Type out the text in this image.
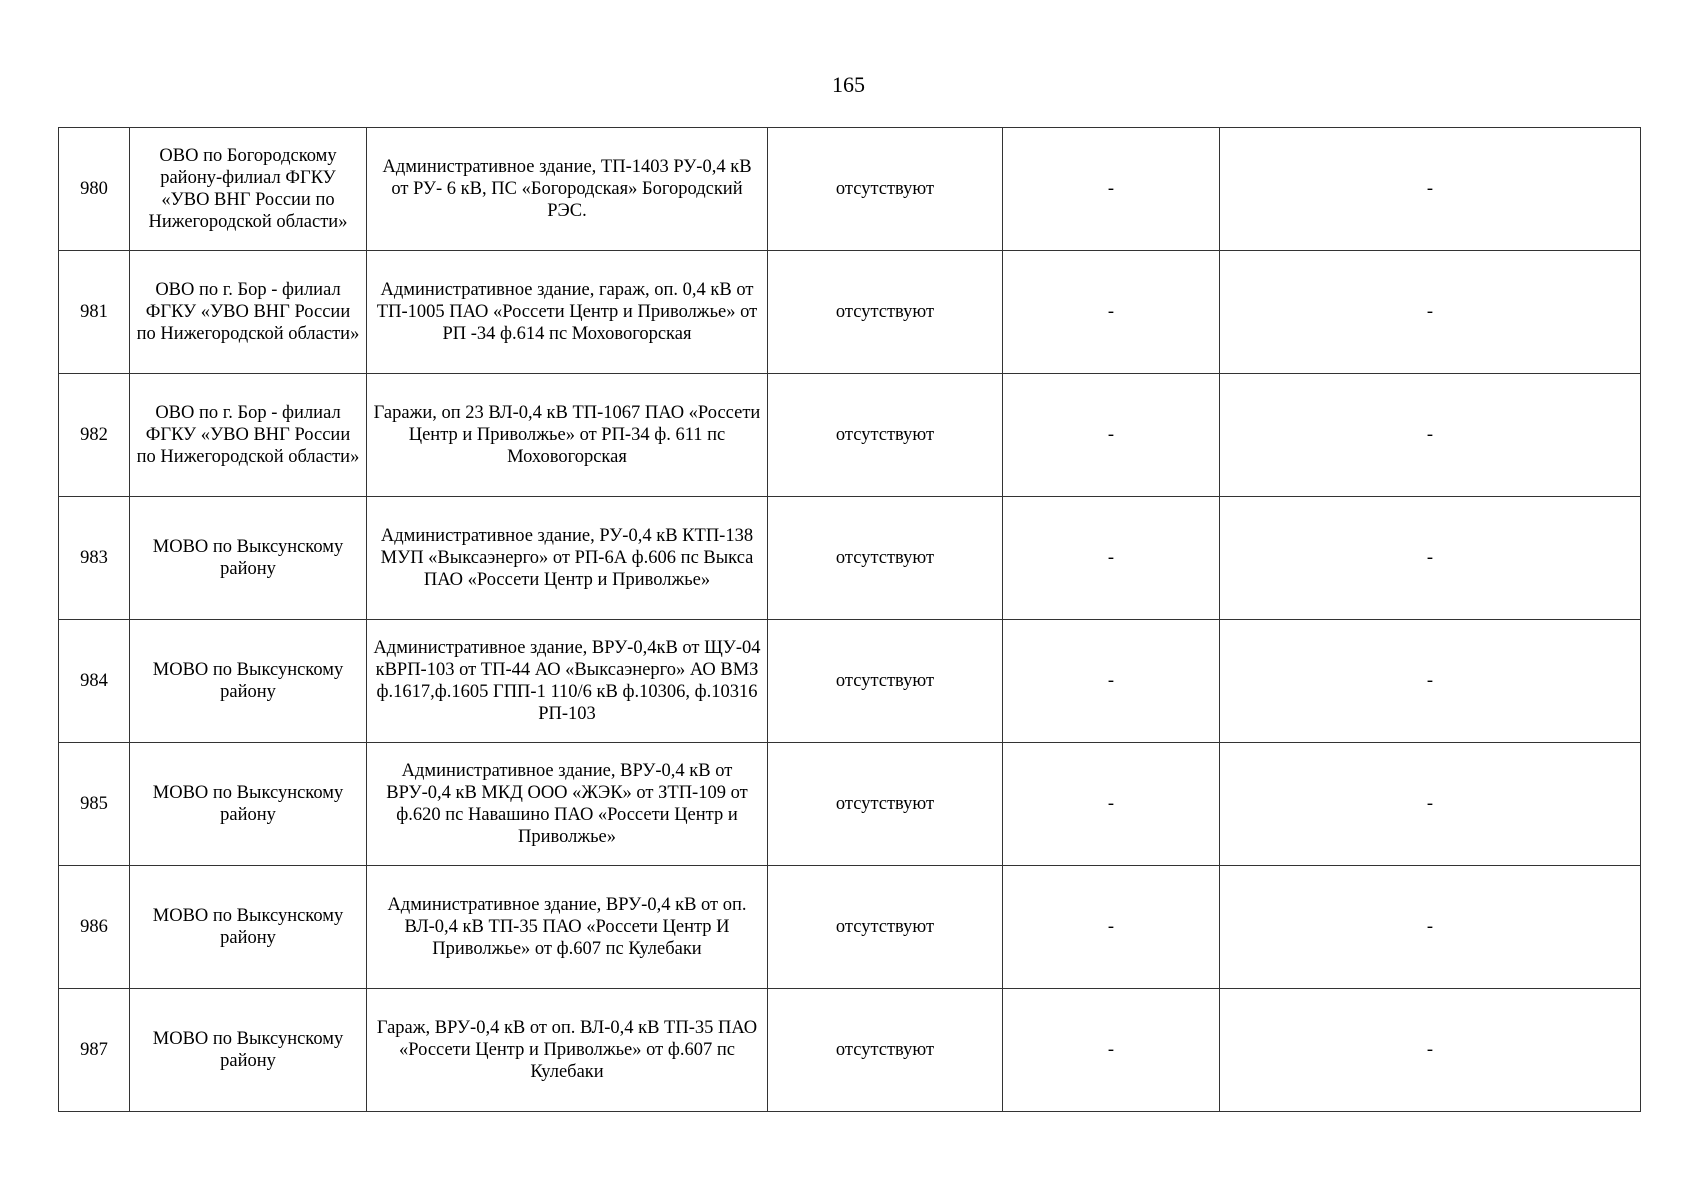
165
980	ОВО по Богородскому району-филиал ФГКУ «УВО ВНГ России по Нижегородской области»	Административное здание, ТП-1403 РУ-0,4 кВ от РУ- 6 кВ, ПС «Богородская» Богородский РЭС.	отсутствуют	-	-
981	ОВО по г. Бор - филиал ФГКУ «УВО ВНГ России по Нижегородской области»	Административное здание, гараж, оп. 0,4 кВ от ТП-1005 ПАО «Россети Центр и Приволжье» от РП -34 ф.614 пс Моховогорская	отсутствуют	-	-
982	ОВО по г. Бор - филиал ФГКУ «УВО ВНГ России по Нижегородской области»	Гаражи, оп 23 ВЛ-0,4 кВ ТП-1067 ПАО «Россети Центр и Приволжье» от РП-34 ф. 611 пс Моховогорская	отсутствуют	-	-
983	МОВО по Выксунскому району	Административное здание, РУ-0,4 кВ КТП-138 МУП «Выксаэнерго» от РП-6А ф.606 пс Выкса ПАО «Россети Центр и Приволжье»	отсутствуют	-	-
984	МОВО по Выксунскому району	Административное здание, ВРУ-0,4кВ от ЩУ-04 кВРП-103 от ТП-44 АО «Выксаэнерго» АО ВМЗ ф.1617,ф.1605 ГПП-1 110/6 кВ ф.10306, ф.10316 РП-103	отсутствуют	-	-
985	МОВО по Выксунскому району	Административное здание, ВРУ-0,4 кВ от ВРУ-0,4 кВ МКД ООО «ЖЭК» от ЗТП-109 от ф.620 пс Навашино ПАО «Россети Центр и Приволжье»	отсутствуют	-	-
986	МОВО по Выксунскому району	Административное здание, ВРУ-0,4 кВ от оп. ВЛ-0,4 кВ ТП-35 ПАО «Россети Центр И Приволжье» от ф.607 пс Кулебаки	отсутствуют	-	-
987	МОВО по Выксунскому району	Гараж, ВРУ-0,4 кВ от оп. ВЛ-0,4 кВ ТП-35 ПАО «Россети Центр и Приволжье» от ф.607 пс Кулебаки	отсутствуют	-	-
